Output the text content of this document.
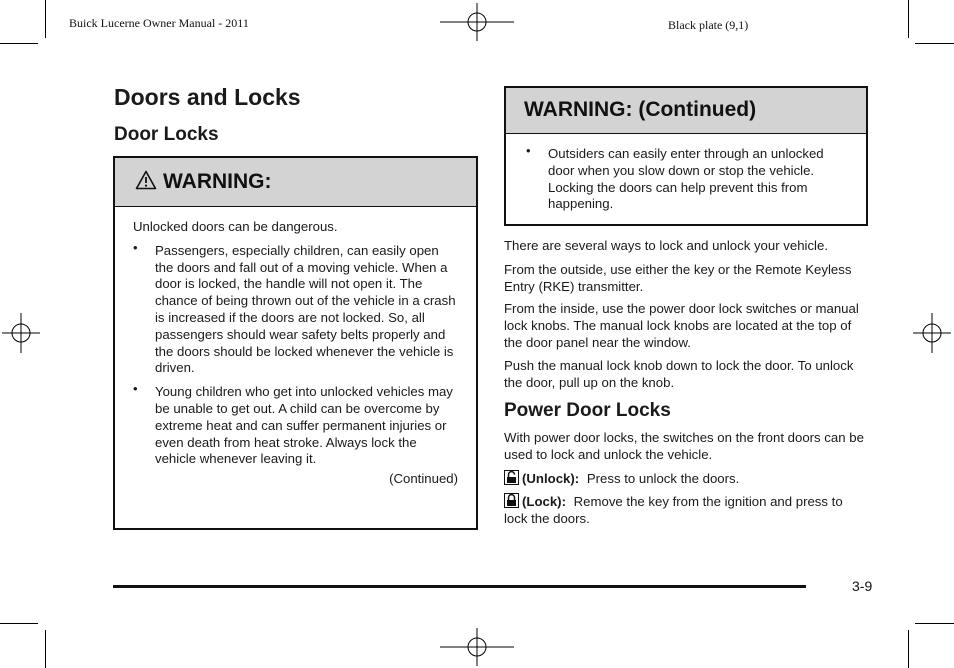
Buick Lucerne Owner Manual - 2011	Black plate (9,1)
Doors and Locks
Door Locks
WARNING:

Unlocked doors can be dangerous.

• Passengers, especially children, can easily open the doors and fall out of a moving vehicle. When a door is locked, the handle will not open it. The chance of being thrown out of the vehicle in a crash is increased if the doors are not locked. So, all passengers should wear safety belts properly and the doors should be locked whenever the vehicle is driven.
• Young children who get into unlocked vehicles may be unable to get out. A child can be overcome by extreme heat and can suffer permanent injuries or even death from heat stroke. Always lock the vehicle whenever leaving it.
(Continued)
WARNING: (Continued)
• Outsiders can easily enter through an unlocked door when you slow down or stop the vehicle. Locking the doors can help prevent this from happening.

There are several ways to lock and unlock your vehicle.

From the outside, use either the key or the Remote Keyless Entry (RKE) transmitter.

From the inside, use the power door lock switches or manual lock knobs. The manual lock knobs are located at the top of the door panel near the window.

Push the manual lock knob down to lock the door. To unlock the door, pull up on the knob.

Power Door Locks

With power door locks, the switches on the front doors can be used to lock and unlock the vehicle.

(Unlock): Press to unlock the doors.

(Lock): Remove the key from the ignition and press to lock the doors.

3-9
